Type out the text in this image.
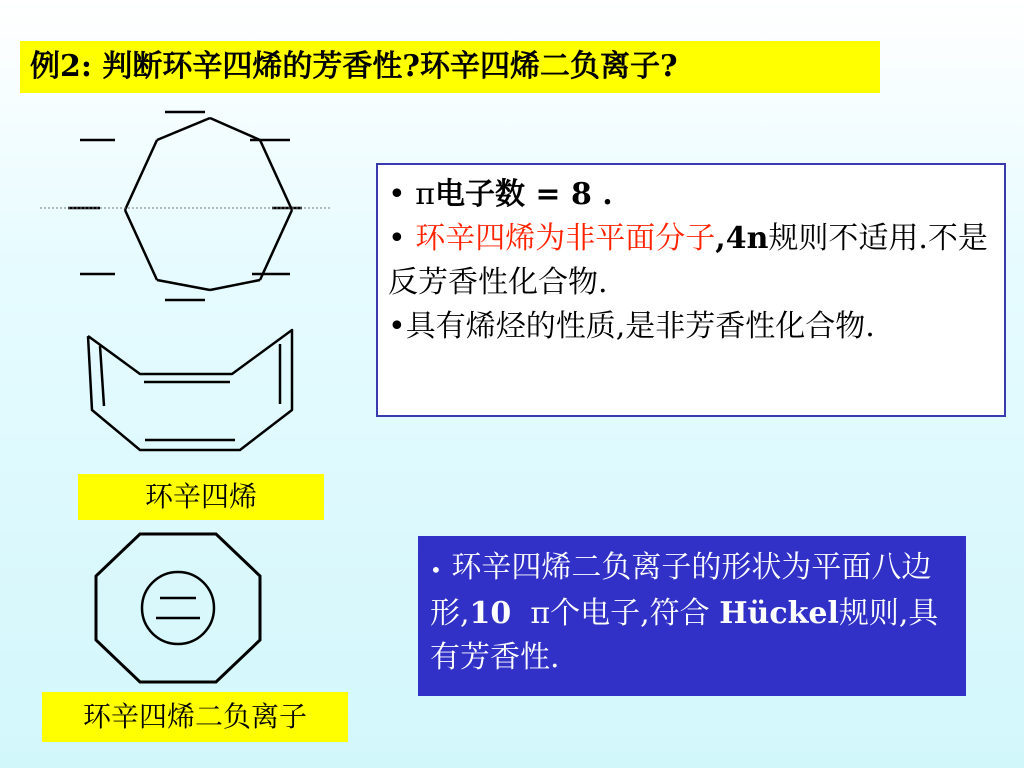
例2: 判断环辛四烯的芳香性?环辛四烯二负离子?
环辛四烯
环辛四烯二负离子

• π电子数 = 8 .

• 环辛四烯为非平面分子,4n规则不适用.不是反芳香性化合物.

•具有烯烃的性质,是非芳香性化合物.

• 环辛四烯二负离子的形状为平面八边形,10 π个电子,符合 Hückel规则,具有芳香性.
